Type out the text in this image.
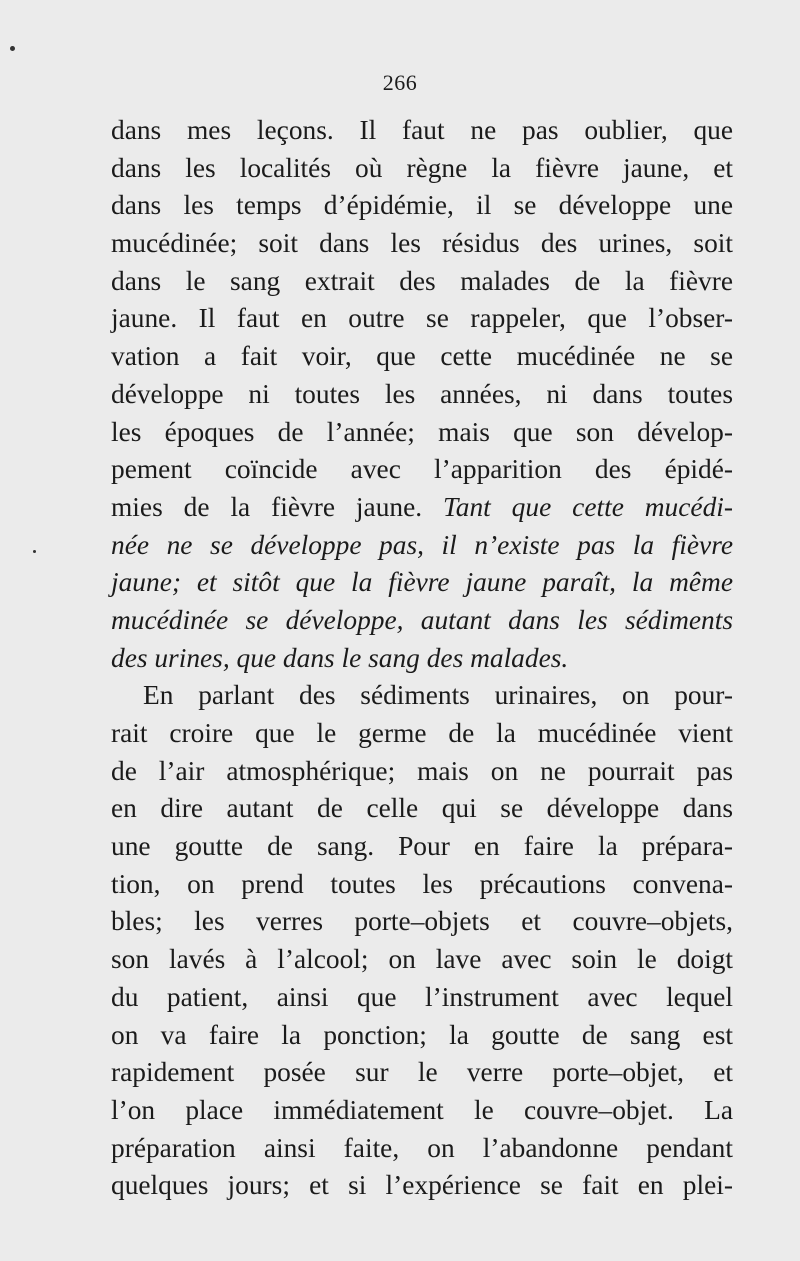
266
dans mes leçons. Il faut ne pas oublier, que
dans les localités où règne la fièvre jaune, et
dans les temps d’épidémie, il se développe une
mucédinée; soit dans les résidus des urines, soit
dans le sang extrait des malades de la fièvre
jaune. Il faut en outre se rappeler, que l’obser-
vation a fait voir, que cette mucédinée ne se
développe ni toutes les années, ni dans toutes
les époques de l’année; mais que son dévelop-
pement coïncide avec l’apparition des épidé-
mies de la fièvre jaune. Tant que cette mucédi-
née ne se développe pas, il n’existe pas la fièvre
jaune; et sitôt que la fièvre jaune paraît, la même
mucédinée se développe, autant dans les sédiments
des urines, que dans le sang des malades.
En parlant des sédiments urinaires, on pour-
rait croire que le germe de la mucédinée vient
de l’air atmosphérique; mais on ne pourrait pas
en dire autant de celle qui se développe dans
une goutte de sang. Pour en faire la prépara-
tion, on prend toutes les précautions convena-
bles; les verres porte–objets et couvre–objets,
son lavés à l’alcool; on lave avec soin le doigt
du patient, ainsi que l’instrument avec lequel
on va faire la ponction; la goutte de sang est
rapidement posée sur le verre porte–objet, et
l’on place immédiatement le couvre–objet. La
préparation ainsi faite, on l’abandonne pendant
quelques jours; et si l’expérience se fait en plei-
